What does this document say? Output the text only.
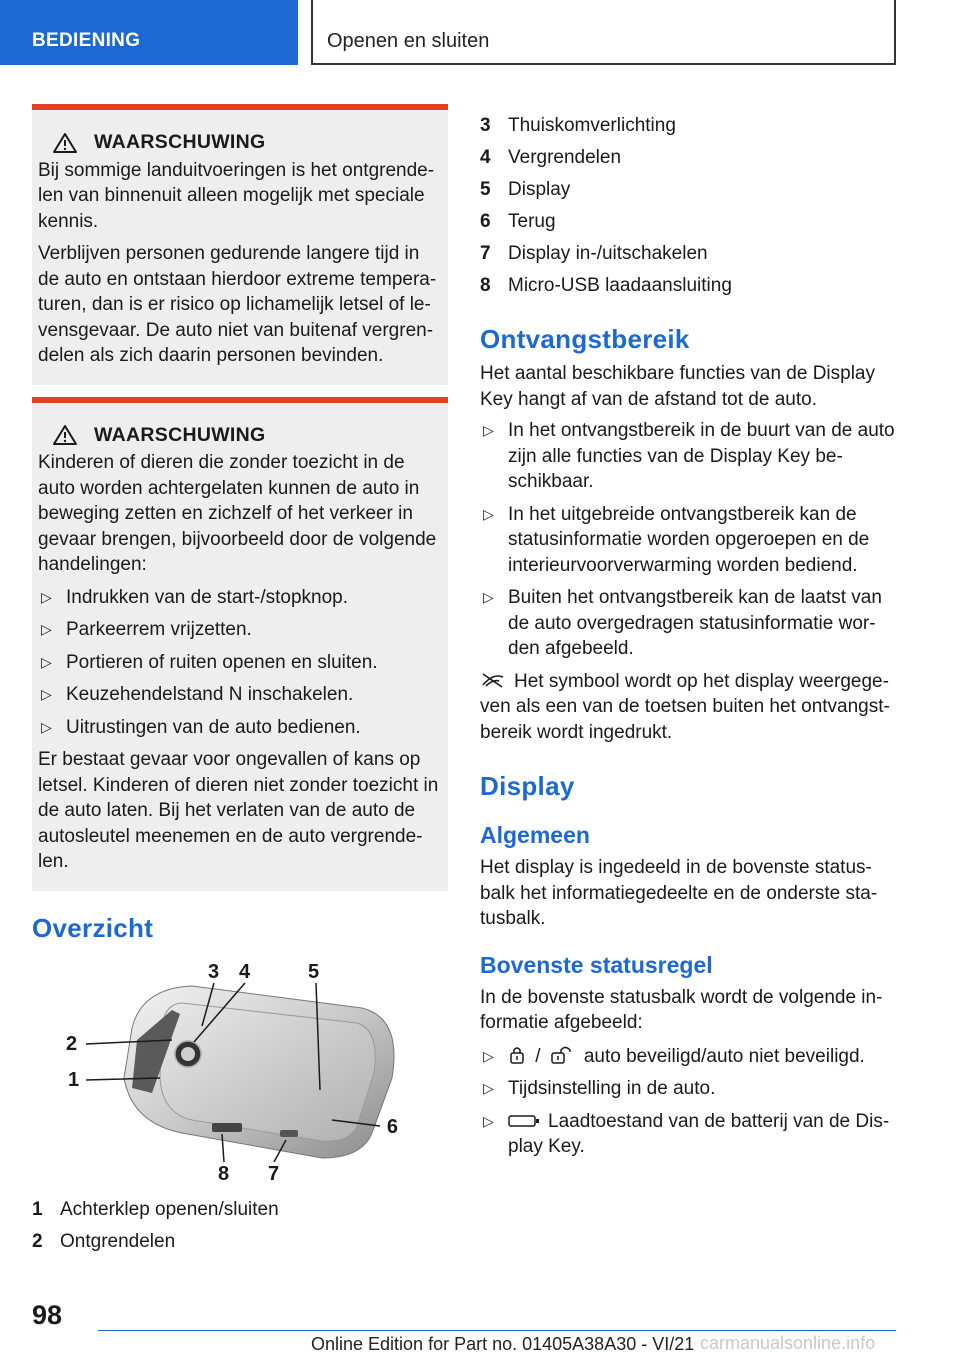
BEDIENING	Openen en sluiten
WAARSCHUWING

Bij sommige landuitvoeringen is het ontgrende-len van binnenuit alleen mogelijk met speciale kennis.

Verblijven personen gedurende langere tijd in de auto en ontstaan hierdoor extreme tempera-turen, dan is er risico op lichamelijk letsel of le-vensgevaar. De auto niet van buitenaf vergren-delen als zich daarin personen bevinden.

WAARSCHUWING

Kinderen of dieren die zonder toezicht in de auto worden achtergelaten kunnen de auto in beweging zetten en zichzelf of het verkeer in gevaar brengen, bijvoorbeeld door de volgende handelingen:

▷ Indrukken van de start-/stopknop.
▷ Parkeerrem vrijzetten.
▷ Portieren of ruiten openen en sluiten.
▷ Keuzehendelstand N inschakelen.
▷ Uitrustingen van de auto bedienen.

Er bestaat gevaar voor ongevallen of kans op letsel. Kinderen of dieren niet zonder toezicht in de auto laten. Bij het verlaten van de auto de autosleutel meenemen en de auto vergrende-len.

Overzicht
3 4	5
2
1
6
8 7
1 Achterklep openen/sluiten
2 Ontgrendelen
3 Thuiskomverlichting
4 Vergrendelen
5 Display
6 Terug
7 Display in-/uitschakelen
8 Micro-USB laadaansluiting
Ontvangstbereik

Het aantal beschikbare functies van de Display Key hangt af van de afstand tot de auto.

▷ In het ontvangstbereik in de buurt van de auto zijn alle functies van de Display Key be-schikbaar.
▷ In het uitgebreide ontvangstbereik kan de statusinformatie worden opgeroepen en de interieurvoorverwarming worden bediend.
▷ Buiten het ontvangstbereik kan de laatst van de auto overgedragen statusinformatie wor-den afgebeeld.

Het symbool wordt op het display weergege-ven als een van de toetsen buiten het ontvangst-bereik wordt ingedrukt.

Display
Algemeen

Het display is ingedeeld in de bovenste status-balk het informatiegedeelte en de onderste sta-tusbalk.

Bovenste statusregel

In de bovenste statusbalk wordt de volgende in-formatie afgebeeld:

▷ / auto beveiligd/auto niet beveiligd.
▷ Tijdsinstelling in de auto.
▷	Laadtoestand van de batterij van de Dis-play Key.
98
Online Edition for Part no. 01405A38A30 - VI/21 carmanualsonline.info
